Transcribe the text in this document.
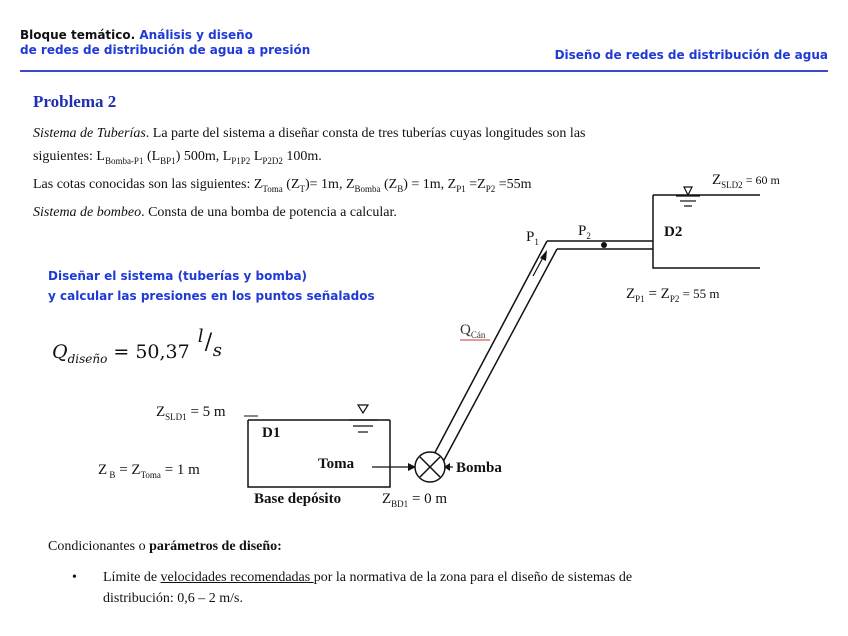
Bloque temático. Análisis y diseño
de redes de distribución de agua a presión	Diseño de redes de distribución de agua
Problema 2
Sistema de Tuberías. La parte del sistema a diseñar consta de tres tuberías cuyas longitudes son las
siguientes: $L_{Bomba-P1}$ $(L_{BP1})$ 500m, $L_{P1P2}$ $L_{P2D2}$ 100m.
Las cotas conocidas son las siguientes: $Z_{Toma}$ $(Z_T)= 1m$, $Z_{Bomba}$ $(Z_B) = 1m$, $Z_{P1} =Z_{P2} =55m$
Sistema de bombeo. Consta de una bomba de potencia a calcular.
Diseñar el sistema (tuberías y bomba)
y calcular las presiones en los puntos señalados
$Q_{diseño} = 50,37$
l / s
$Z_{SLD2} = 60$ m
D2
$P_1$
$P_2$
$Z_{P1} = Z_{P2} = 55$ m
$Q_{Cán}$
$Z_{SLD1} = 5$ m
D1
Toma	Bomba
Z $_B = Z_{Toma} = 1$ m
Base depósito	$Z_{BD1} = 0$ m
Condicionantes o parámetros de diseño:
• Límite de velocidades recomendadas por la normativa de la zona para el diseño de sistemas de
distribución: 0,6 – 2 m/s.
